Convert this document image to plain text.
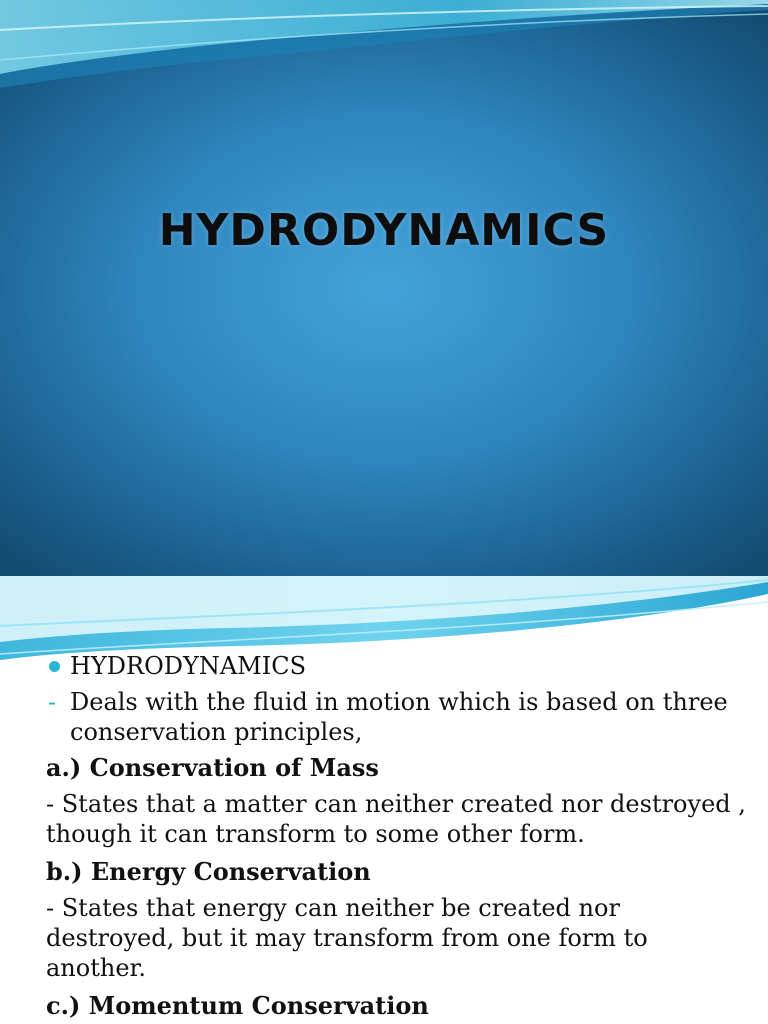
HYDRODYNAMICS
HYDRODYNAMICS
- Deals with the fluid in motion which is based on three conservation principles,
a.) Conservation of Mass
- States that a matter can neither created nor destroyed , though it can transform to some other form.
b.) Energy Conservation
- States that energy can neither be created nor destroyed, but it may transform from one form to another.
c.) Momentum Conservation
